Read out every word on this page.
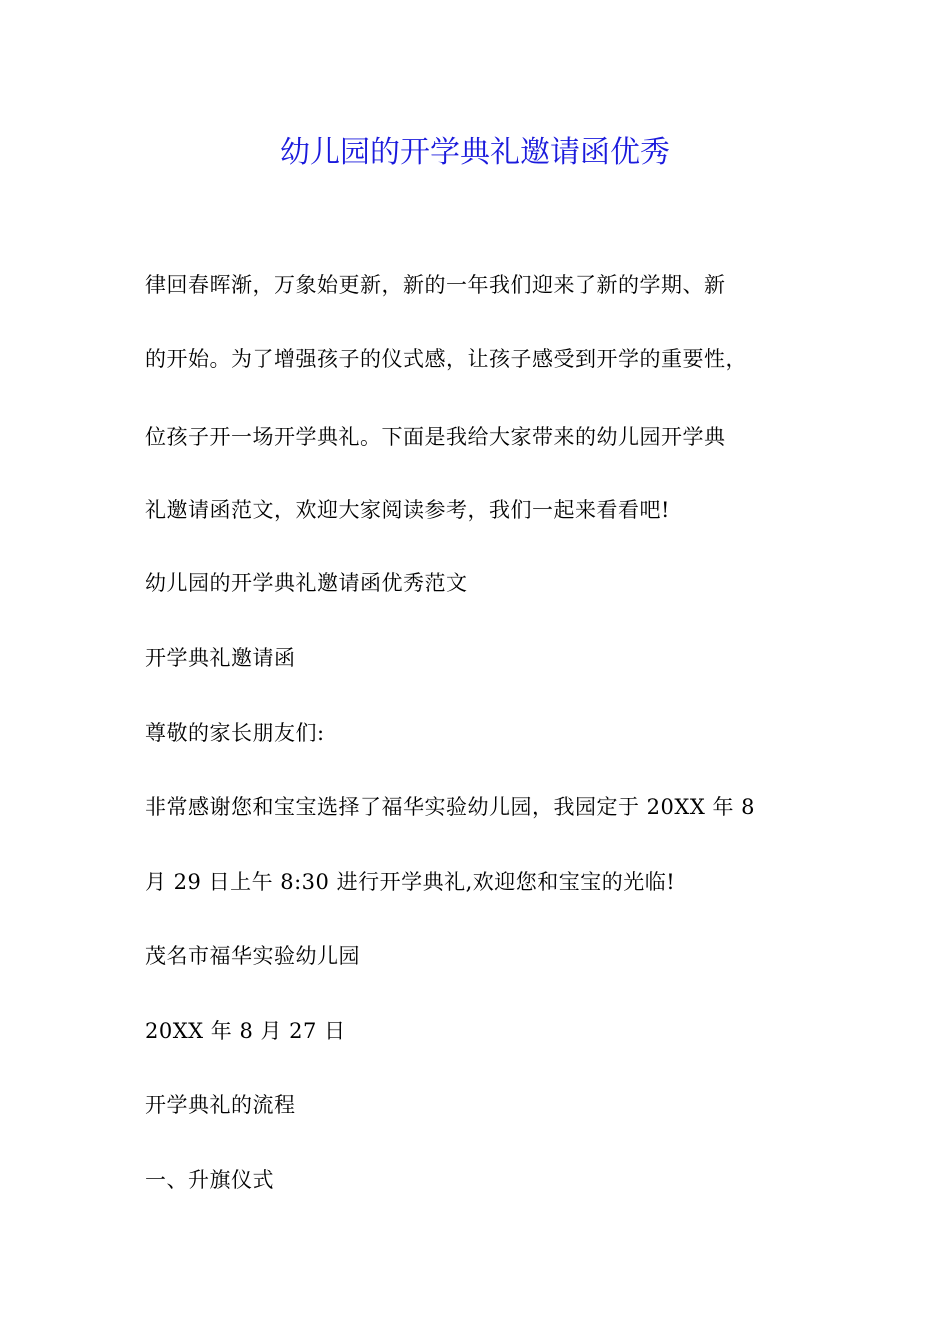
幼儿园的开学典礼邀请函优秀

律回春晖渐，万象始更新，新的一年我们迎来了新的学期、新

的开始。为了增强孩子的仪式感，让孩子感受到开学的重要性，

位孩子开一场开学典礼。下面是我给大家带来的幼儿园开学典

礼邀请函范文，欢迎大家阅读参考，我们一起来看看吧!

幼儿园的开学典礼邀请函优秀范文

开学典礼邀请函

尊敬的家长朋友们:

非常感谢您和宝宝选择了福华实验幼儿园，我园定于 20XX 年 8

月 29 日上午 8:30 进行开学典礼,欢迎您和宝宝的光临!

茂名市福华实验幼儿园

20XX 年 8 月 27 日

开学典礼的流程

一、升旗仪式
